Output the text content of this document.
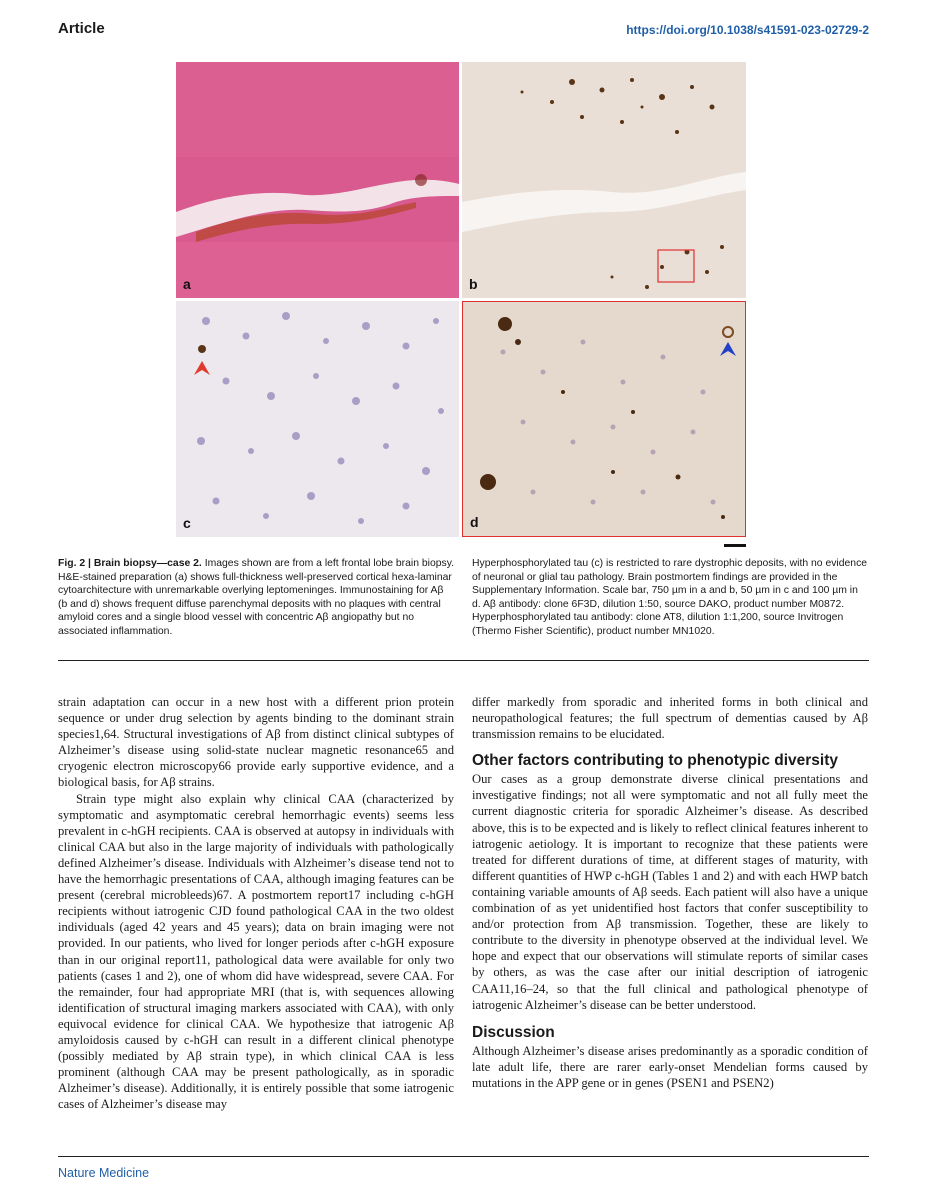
Article	https://doi.org/10.1038/s41591-023-02729-2
a	b
c	d
Fig. 2 | Brain biopsy—case 2. Images shown are from a left frontal lobe brain biopsy. H&E-stained preparation (a) shows full-thickness well-preserved cortical hexa-laminar cytoarchitecture with unremarkable overlying leptomeninges. Immunostaining for Aβ (b and d) shows frequent diffuse parenchymal deposits with no plaques with central amyloid cores and a single blood vessel with concentric Aβ angiopathy but no associated inflammation.
Hyperphosphorylated tau (c) is restricted to rare dystrophic deposits, with no evidence of neuronal or glial tau pathology. Brain postmortem findings are provided in the Supplementary Information. Scale bar, 750 µm in a and b, 50 µm in c and 100 µm in d. Aβ antibody: clone 6F3D, dilution 1:50, source DAKO, product number M0872. Hyperphosphorylated tau antibody: clone AT8, dilution 1:1,200, source Invitrogen (Thermo Fisher Scientific), product number MN1020.

strain adaptation can occur in a new host with a different prion protein sequence or under drug selection by agents binding to the dominant strain species1,64. Structural investigations of Aβ from distinct clinical subtypes of Alzheimer’s disease using solid-state nuclear magnetic resonance65 and cryogenic electron microscopy66 provide early supportive evidence, and a biological basis, for Aβ strains.

Strain type might also explain why clinical CAA (characterized by symptomatic and asymptomatic cerebral hemorrhagic events) seems less prevalent in c-hGH recipients. CAA is observed at autopsy in individuals with clinical CAA but also in the large majority of individuals with pathologically defined Alzheimer’s disease. Individuals with Alzheimer’s disease tend not to have the hemorrhagic presentations of CAA, although imaging features can be present (cerebral microbleeds)67. A postmortem report17 including c-hGH recipients without iatrogenic CJD found pathological CAA in the two oldest individuals (aged 42 years and 45 years); data on brain imaging were not provided. In our patients, who lived for longer periods after c-hGH exposure than in our original report11, pathological data were available for only two patients (cases 1 and 2), one of whom did have widespread, severe CAA. For the remainder, four had appropriate MRI (that is, with sequences allowing identification of structural imaging markers associated with CAA), with only equivocal evidence for clinical CAA. We hypothesize that iatrogenic Aβ amyloidosis caused by c-hGH can result in a different clinical phenotype (possibly mediated by Aβ strain type), in which clinical CAA is less prominent (although CAA may be present pathologically, as in sporadic Alzheimer’s disease). Additionally, it is entirely possible that some iatrogenic cases of Alzheimer’s disease may

differ markedly from sporadic and inherited forms in both clinical and neuropathological features; the full spectrum of dementias caused by Aβ transmission remains to be elucidated.

Other factors contributing to phenotypic diversity

Our cases as a group demonstrate diverse clinical presentations and investigative findings; not all were symptomatic and not all fully meet the current diagnostic criteria for sporadic Alzheimer’s disease. As described above, this is to be expected and is likely to reflect clinical features inherent to iatrogenic aetiology. It is important to recognize that these patients were treated for different durations of time, at different stages of maturity, with different quantities of HWP c-hGH (Tables 1 and 2) and with each HWP batch containing variable amounts of Aβ seeds. Each patient will also have a unique combination of as yet unidentified host factors that confer susceptibility to and/or protection from Aβ transmission. Together, these are likely to contribute to the diversity in phenotype observed at the individual level. We hope and expect that our observations will stimulate reports of similar cases by others, as was the case after our initial description of iatrogenic CAA11,16–24, so that the full clinical and pathological phenotype of iatrogenic Alzheimer’s disease can be better understood.

Discussion

Although Alzheimer’s disease arises predominantly as a sporadic condition of late adult life, there are rarer early-onset Mendelian forms caused by mutations in the APP gene or in genes (PSEN1 and PSEN2)

Nature Medicine
